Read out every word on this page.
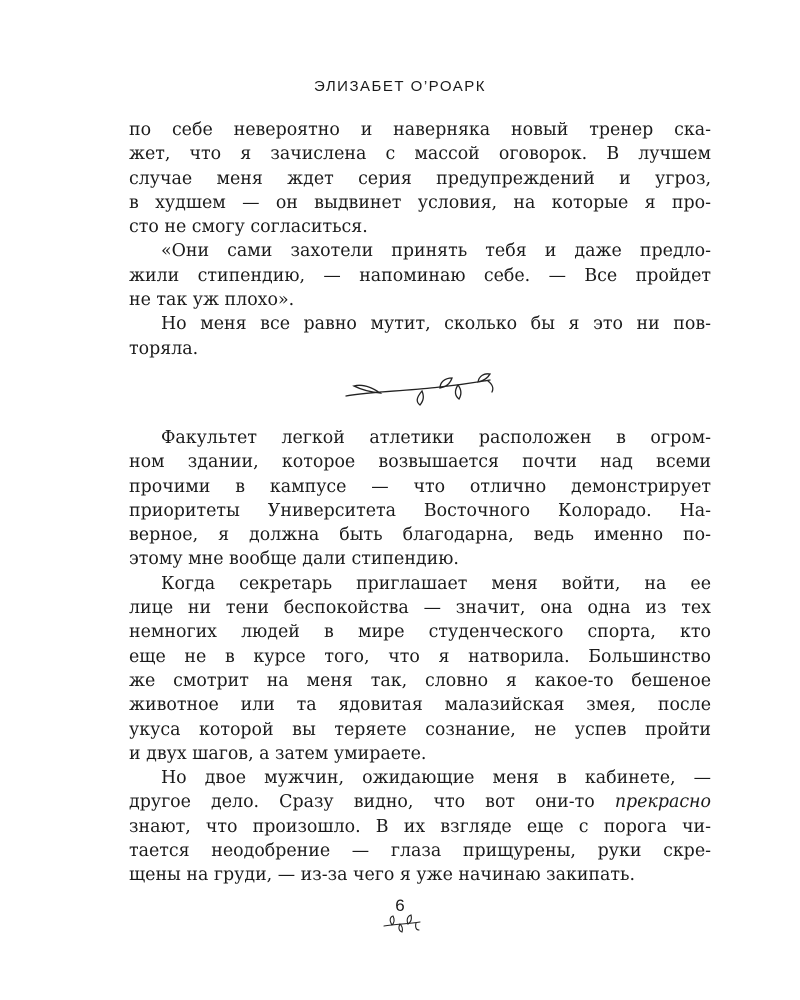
ЭЛИЗАБЕТ О’РОАРК

по себе невероятно и наверняка новый тренер ска-
жет, что я зачислена с массой оговорок. В лучшем
случае меня ждет серия предупреждений и угроз,
в худшем — он выдвинет условия, на которые я про-
сто не смогу согласиться.

«Они сами захотели принять тебя и даже предло-
жили стипендию, — напоминаю себе. — Все пройдет
не так уж плохо».

Но меня все равно мутит, сколько бы я это ни пов-
торяла.

Факультет легкой атлетики расположен в огром-
ном здании, которое возвышается почти над всеми
прочими в кампусе — что отлично демонстрирует
приоритеты Университета Восточного Колорадо. На-
верное, я должна быть благодарна, ведь именно по-
этому мне вообще дали стипендию.

Когда секретарь приглашает меня войти, на ее
лице ни тени беспокойства — значит, она одна из тех
немногих людей в мире студенческого спорта, кто
еще не в курсе того, что я натворила. Большинство
же смотрит на меня так, словно я какое-то бешеное
животное или та ядовитая малазийская змея, после
укуса которой вы теряете сознание, не успев пройти
и двух шагов, а затем умираете.

Но двое мужчин, ожидающие меня в кабинете, —
другое дело. Сразу видно, что вот они-то прекрасно
знают, что произошло. В их взгляде еще с порога чи-
тается неодобрение — глаза прищурены, руки скре-
щены на груди, — из-за чего я уже начинаю закипать.

6
